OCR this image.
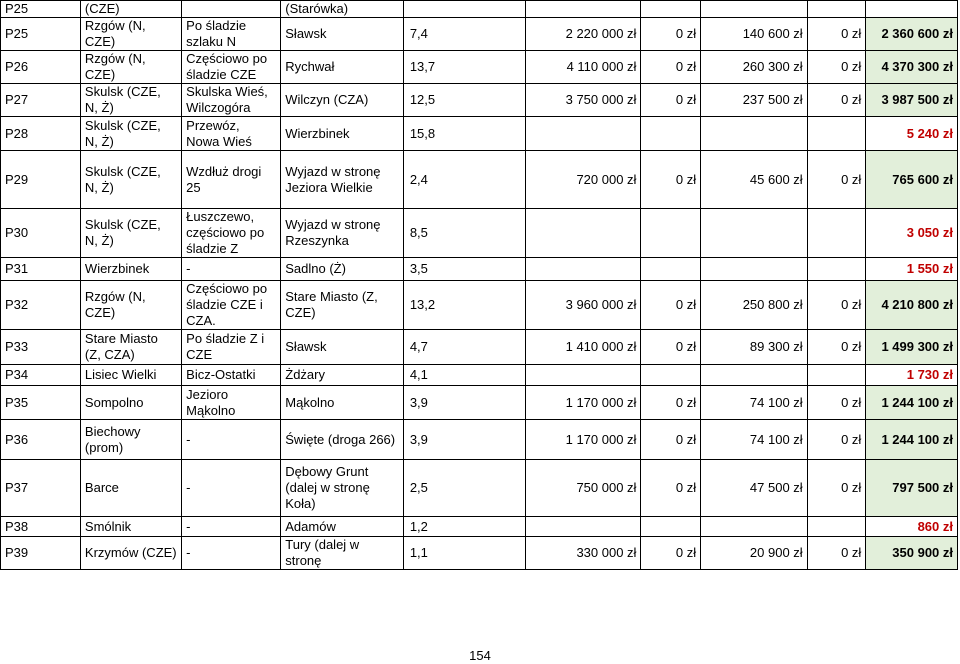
P25	(CZE)		(Starówka)						
P25	Rzgów (N, CZE)	Po śladzie szlaku N	Sławsk	7,4	2 220 000 zł	0 zł	140 600 zł	0 zł	2 360 600 zł
P26	Rzgów (N, CZE)	Częściowo po śladzie CZE	Rychwał	13,7	4 110 000 zł	0 zł	260 300 zł	0 zł	4 370 300 zł
P27	Skulsk (CZE, N, Ż)	Skulska Wieś, Wilczogóra	Wilczyn (CZA)	12,5	3 750 000 zł	0 zł	237 500 zł	0 zł	3 987 500 zł
P28	Skulsk (CZE, N, Ż)	Przewóz, Nowa Wieś	Wierzbinek	15,8					5 240 zł
P29	Skulsk (CZE, N, Ż)	Wzdłuż drogi 25	Wyjazd w stronę Jeziora Wielkie	2,4	720 000 zł	0 zł	45 600 zł	0 zł	765 600 zł
P30	Skulsk (CZE, N, Ż)	Łuszczewo, częściowo po śladzie Z	Wyjazd w stronę Rzeszynka	8,5					3 050 zł
P31	Wierzbinek	-	Sadlno (Ż)	3,5					1 550 zł
P32	Rzgów (N, CZE)	Częściowo po śladzie CZE i CZA.	Stare Miasto (Z, CZE)	13,2	3 960 000 zł	0 zł	250 800 zł	0 zł	4 210 800 zł
P33	Stare Miasto (Z, CZA)	Po śladzie Z i CZE	Sławsk	4,7	1 410 000 zł	0 zł	89 300 zł	0 zł	1 499 300 zł
P34	Lisiec Wielki	Bicz-Ostatki	Żdżary	4,1					1 730 zł
P35	Sompolno	Jezioro Mąkolno	Mąkolno	3,9	1 170 000 zł	0 zł	74 100 zł	0 zł	1 244 100 zł
P36	Biechowy (prom)	-	Święte (droga 266)	3,9	1 170 000 zł	0 zł	74 100 zł	0 zł	1 244 100 zł
P37	Barce	-	Dębowy Grunt (dalej w stronę Koła)	2,5	750 000 zł	0 zł	47 500 zł	0 zł	797 500 zł
P38	Smólnik	-	Adamów	1,2					860 zł
P39	Krzymów (CZE)	-	Tury (dalej w stronę	1,1	330 000 zł	0 zł	20 900 zł	0 zł	350 900 zł
154
